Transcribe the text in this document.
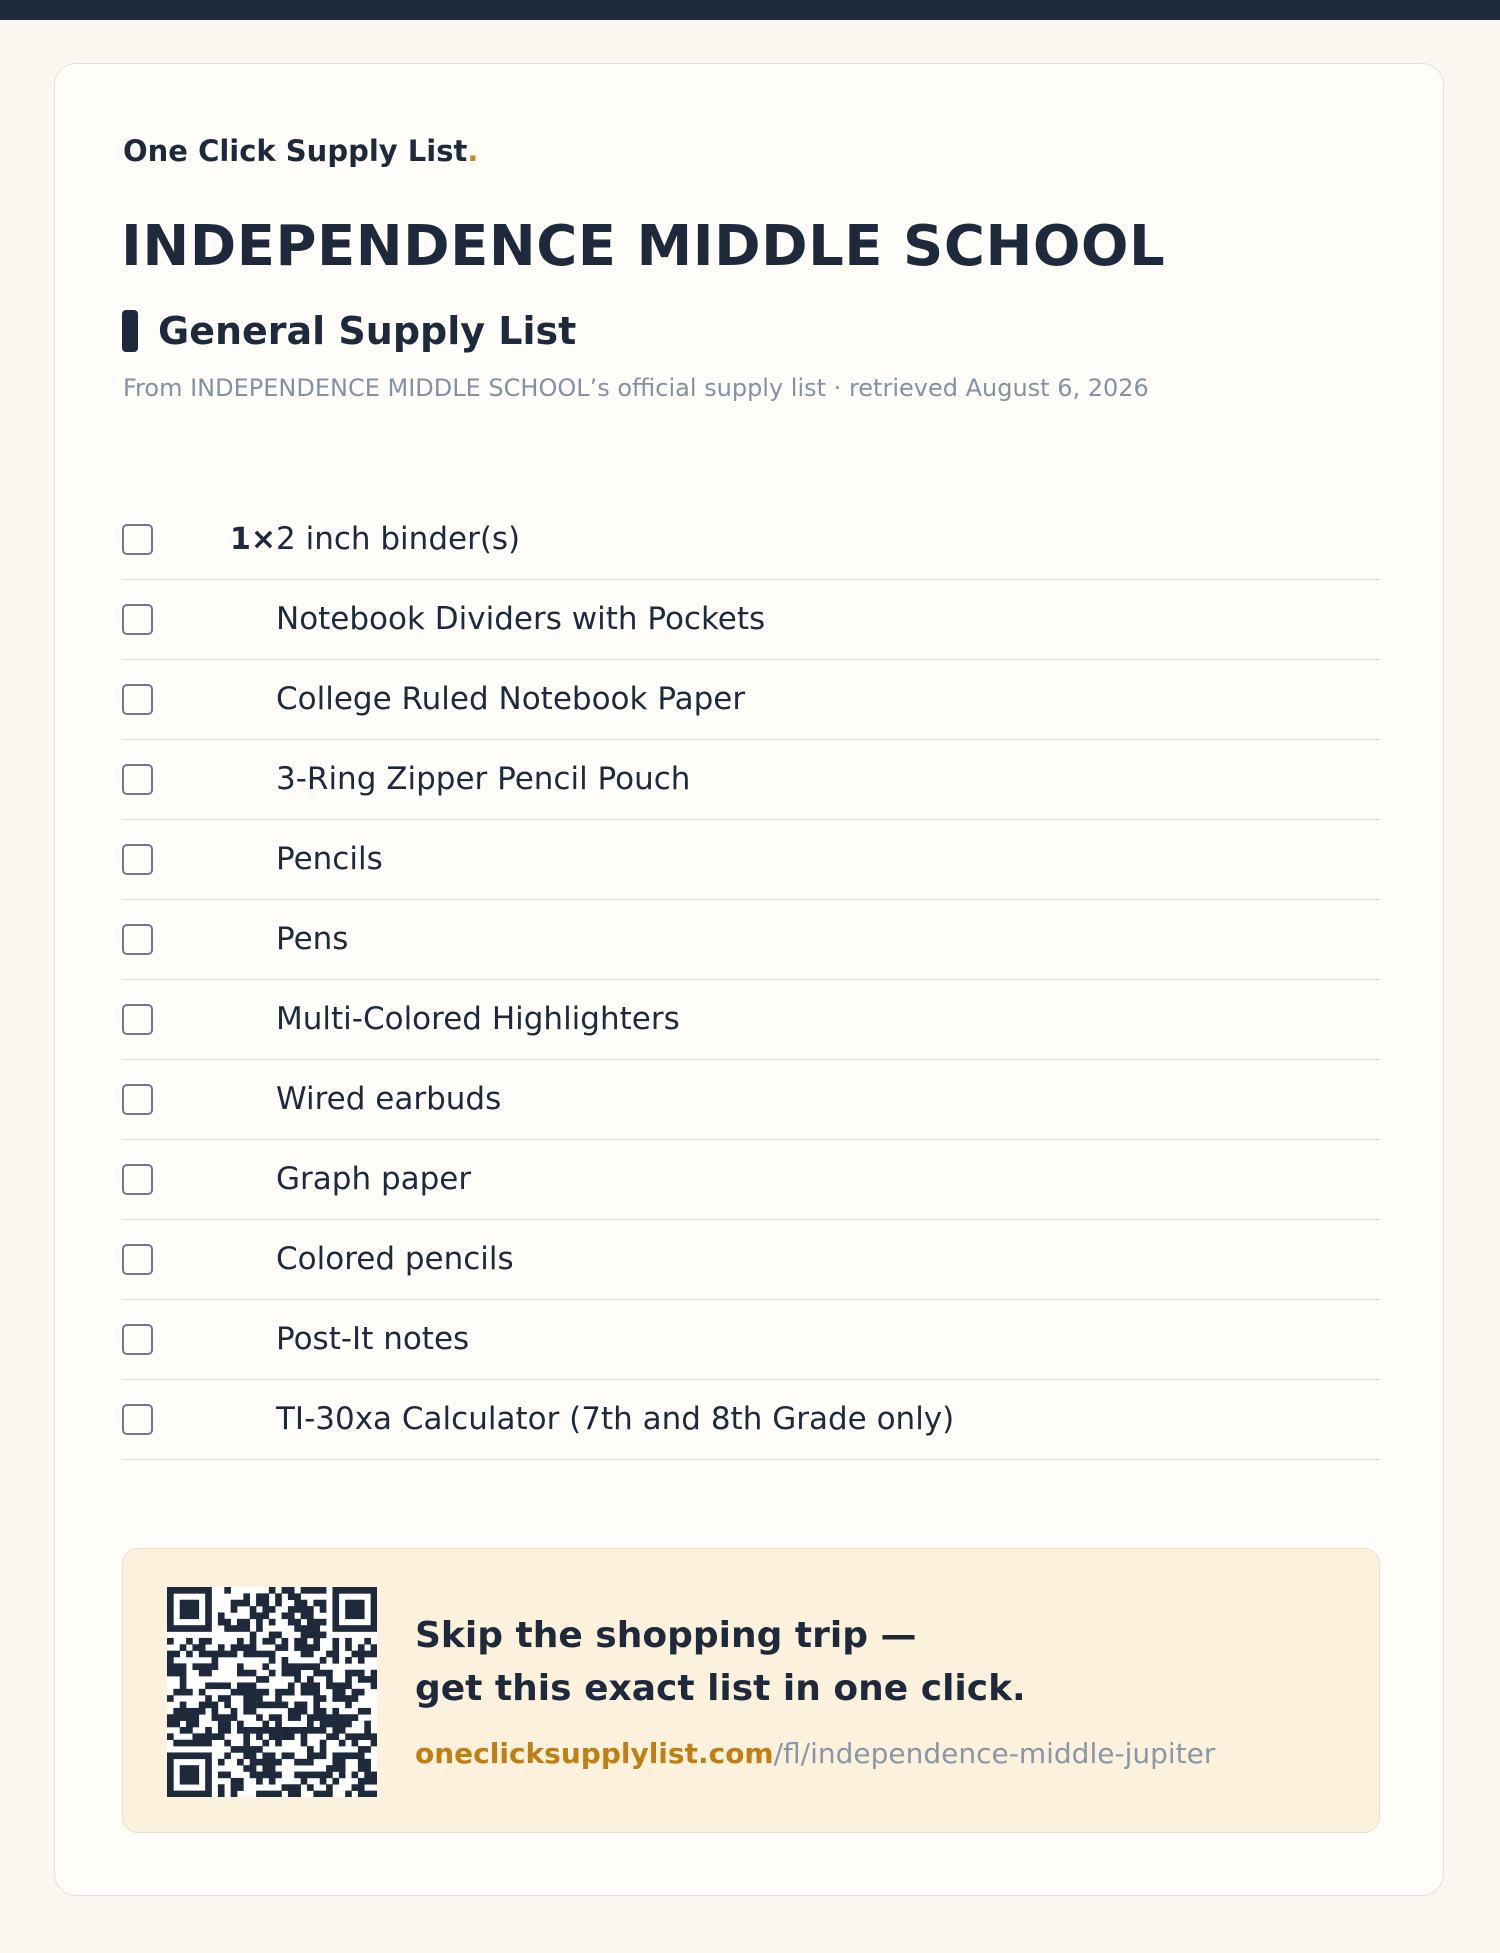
One Click Supply List.

INDEPENDENCE MIDDLE SCHOOL
General Supply List
From INDEPENDENCE MIDDLE SCHOOL’s official supply list · retrieved August 6, 2026
1× 2 inch binder(s)
Notebook Dividers with Pockets
College Ruled Notebook Paper
3-Ring Zipper Pencil Pouch
Pencils
Pens
Multi-Colored Highlighters
Wired earbuds
Graph paper
Colored pencils
Post-It notes
TI-30xa Calculator (7th and 8th Grade only)

Skip the shopping trip —
get this exact list in one click.

oneclicksupplylist.com/fl/independence-middle-jupiter
